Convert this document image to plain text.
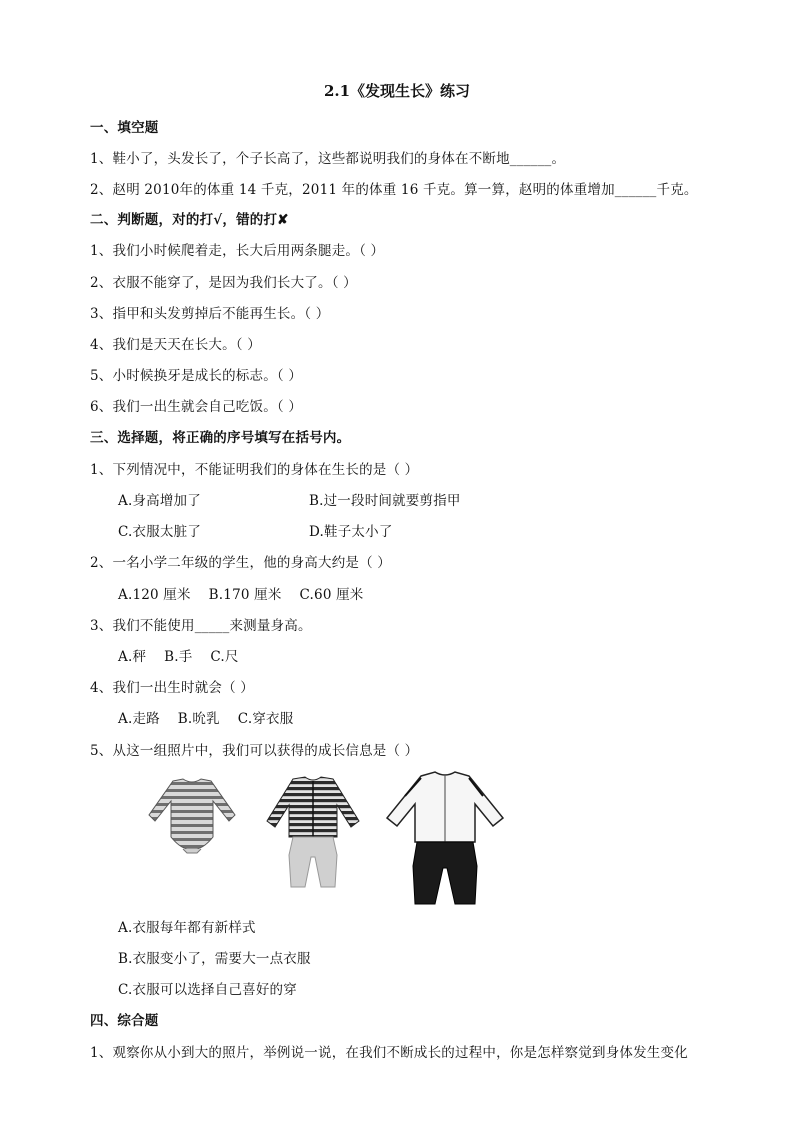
2.1《发现生长》练习
一、填空题
1、鞋小了，头发长了，个子长高了，这些都说明我们的身体在不断地______。
2、赵明 2010年的体重 14 千克，2011 年的体重 16 千克。算一算，赵明的体重增加______千克。
二、判断题，对的打√，错的打✘
1、我们小时候爬着走，长大后用两条腿走。（ ）
2、衣服不能穿了，是因为我们长大了。（ ）
3、指甲和头发剪掉后不能再生长。（ ）
4、我们是天天在长大。（ ）
5、小时候换牙是成长的标志。（ ）
6、我们一出生就会自己吃饭。（ ）
三、选择题，将正确的序号填写在括号内。
1、下列情况中，不能证明我们的身体在生长的是（ ）
A.身高增加了	B.过一段时间就要剪指甲
C.衣服太脏了	D.鞋子太小了
2、一名小学二年级的学生，他的身高大约是（ ）
A.120 厘米    B.170 厘米    C.60 厘米
3、我们不能使用_____来测量身高。
A.秤    B.手    C.尺
4、我们一出生时就会（ ）
A.走路    B.吮乳    C.穿衣服
5、从这一组照片中，我们可以获得的成长信息是（ ）
A.衣服每年都有新样式
B.衣服变小了，需要大一点衣服
C.衣服可以选择自己喜好的穿
四、综合题
1、观察你从小到大的照片，举例说一说，在我们不断成长的过程中，你是怎样察觉到身体发生变化
